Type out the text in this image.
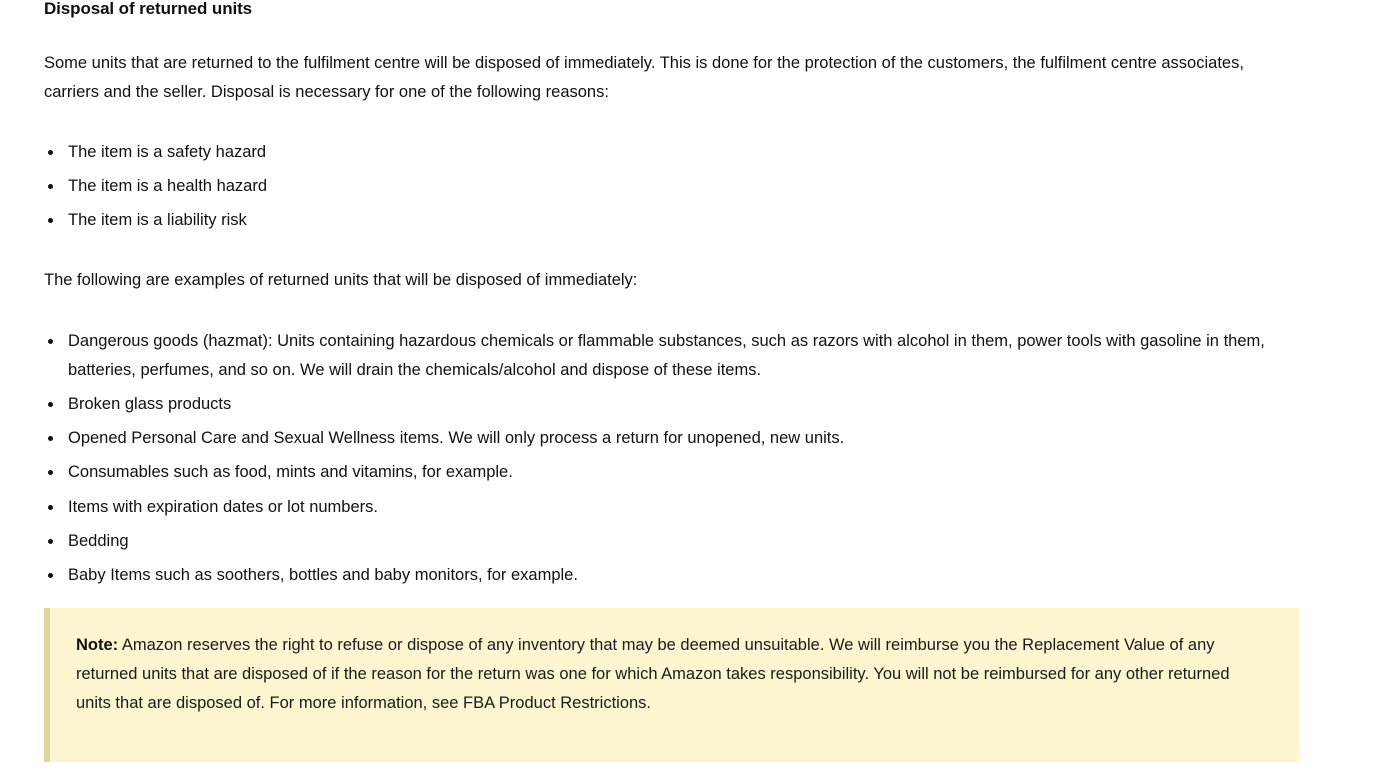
Disposal of returned units

Some units that are returned to the fulfilment centre will be disposed of immediately. This is done for the protection of the customers, the fulfilment centre associates, carriers and the seller. Disposal is necessary for one of the following reasons:

The item is a safety hazard
The item is a health hazard
The item is a liability risk

The following are examples of returned units that will be disposed of immediately:

Dangerous goods (hazmat): Units containing hazardous chemicals or flammable substances, such as razors with alcohol in them, power tools with gasoline in them, batteries, perfumes, and so on. We will drain the chemicals/alcohol and dispose of these items.
Broken glass products
Opened Personal Care and Sexual Wellness items. We will only process a return for unopened, new units.
Consumables such as food, mints and vitamins, for example.
Items with expiration dates or lot numbers.
Bedding
Baby Items such as soothers, bottles and baby monitors, for example.

Note: Amazon reserves the right to refuse or dispose of any inventory that may be deemed unsuitable. We will reimburse you the Replacement Value of any returned units that are disposed of if the reason for the return was one for which Amazon takes responsibility. You will not be reimbursed for any other returned units that are disposed of. For more information, see FBA Product Restrictions.
